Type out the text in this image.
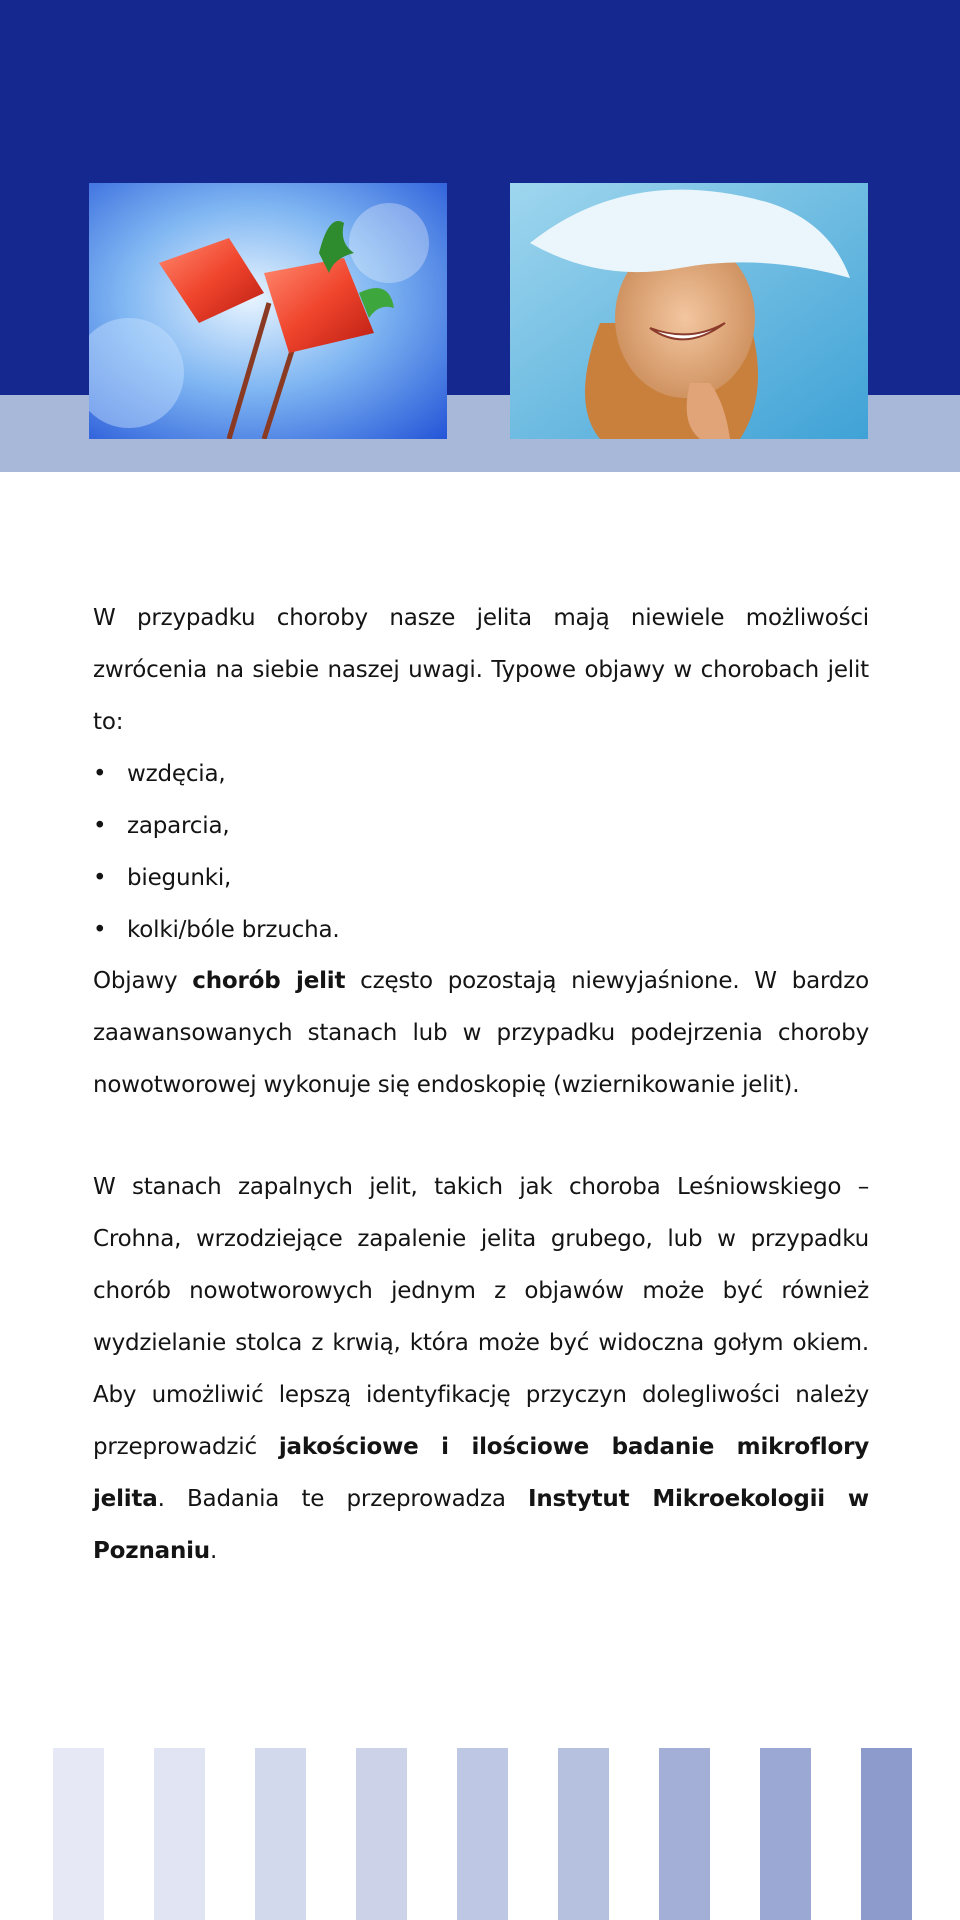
W przypadku choroby nasze jelita mają niewiele możliwości zwrócenia na siebie naszej uwagi. Typowe objawy w chorobach jelit to:

• wzdęcia,
• zaparcia,
• biegunki,
• kolki/bóle brzucha.

Objawy chorób jelit często pozostają niewyjaśnione. W bardzo zaawansowanych stanach lub w przypadku podejrzenia choroby nowotworowej wykonuje się endoskopię (wziernikowanie jelit).

W stanach zapalnych jelit, takich jak choroba Leśniowskiego – Crohna, wrzodziejące zapalenie jelita grubego, lub w przypadku chorób nowotworowych jednym z objawów może być również wydzielanie stolca z krwią, która może być widoczna gołym okiem. Aby umożliwić lepszą identyfikację przyczyn dolegliwości należy przeprowadzić jakościowe i ilościowe badanie mikroflory jelita. Badania te przeprowadza Instytut Mikroekologii w Poznaniu.
